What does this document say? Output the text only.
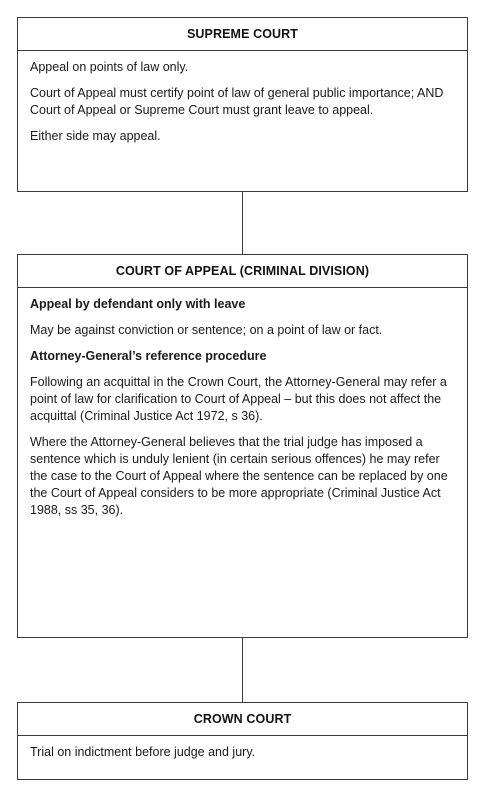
SUPREME COURT

Appeal on points of law only.

Court of Appeal must certify point of law of general public importance; AND Court of Appeal or Supreme Court must grant leave to appeal.

Either side may appeal.

COURT OF APPEAL (CRIMINAL DIVISION)

Appeal by defendant only with leave

May be against conviction or sentence; on a point of law or fact.

Attorney-General’s reference procedure

Following an acquittal in the Crown Court, the Attorney-General may refer a point of law for clarification to Court of Appeal – but this does not affect the acquittal (Criminal Justice Act 1972, s 36).

Where the Attorney-General believes that the trial judge has imposed a sentence which is unduly lenient (in certain serious offences) he may refer the case to the Court of Appeal where the sentence can be replaced by one the Court of Appeal considers to be more appropriate (Criminal Justice Act 1988, ss 35, 36).

CROWN COURT

Trial on indictment before judge and jury.
